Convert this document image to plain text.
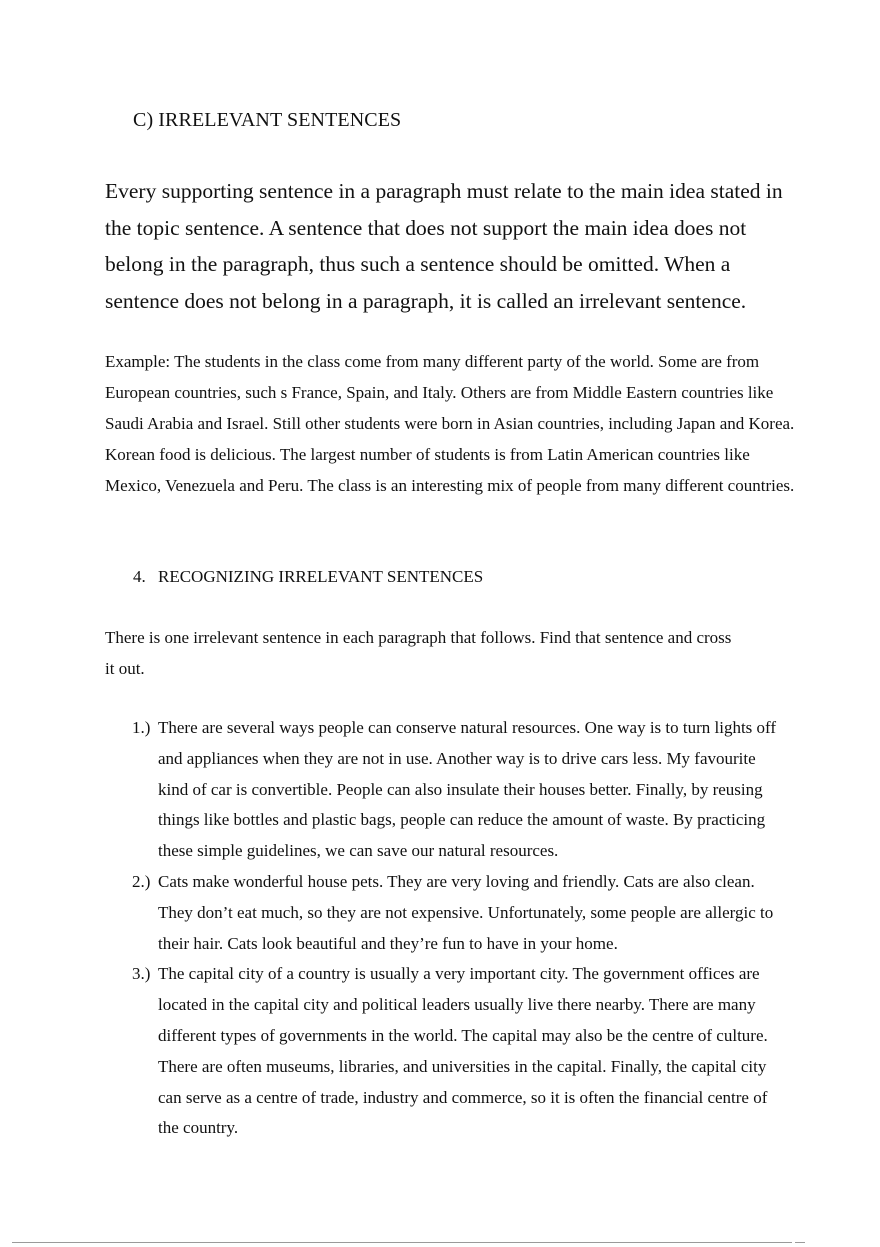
C) IRRELEVANT SENTENCES

Every supporting sentence in a paragraph must relate to the main idea stated in the topic sentence. A sentence that does not support the main idea does not belong in the paragraph, thus such a sentence should be omitted. When a sentence does not belong in a paragraph, it is called an irrelevant sentence.

Example: The students in the class come from many different party of the world. Some are from European countries, such s France, Spain, and Italy. Others are from Middle Eastern countries like Saudi Arabia and Israel. Still other students were born in Asian countries, including Japan and Korea. Korean food is delicious. The largest number of students is from Latin American countries like Mexico, Venezuela and Peru. The class is an interesting mix of people from many different countries.

4. RECOGNIZING IRRELEVANT SENTENCES

There is one irrelevant sentence in each paragraph that follows. Find that sentence and cross it out.

1.) There are several ways people can conserve natural resources. One way is to turn lights off and appliances when they are not in use. Another way is to drive cars less. My favourite kind of car is convertible. People can also insulate their houses better. Finally, by reusing things like bottles and plastic bags, people can reduce the amount of waste. By practicing these simple guidelines, we can save our natural resources.
2.) Cats make wonderful house pets. They are very loving and friendly. Cats are also clean. They don’t eat much, so they are not expensive. Unfortunately, some people are allergic to their hair. Cats look beautiful and they’re fun to have in your home.
3.) The capital city of a country is usually a very important city. The government offices are located in the capital city and political leaders usually live there nearby. There are many different types of governments in the world. The capital may also be the centre of culture. There are often museums, libraries, and universities in the capital. Finally, the capital city can serve as a centre of trade, industry and commerce, so it is often the financial centre of the country.
